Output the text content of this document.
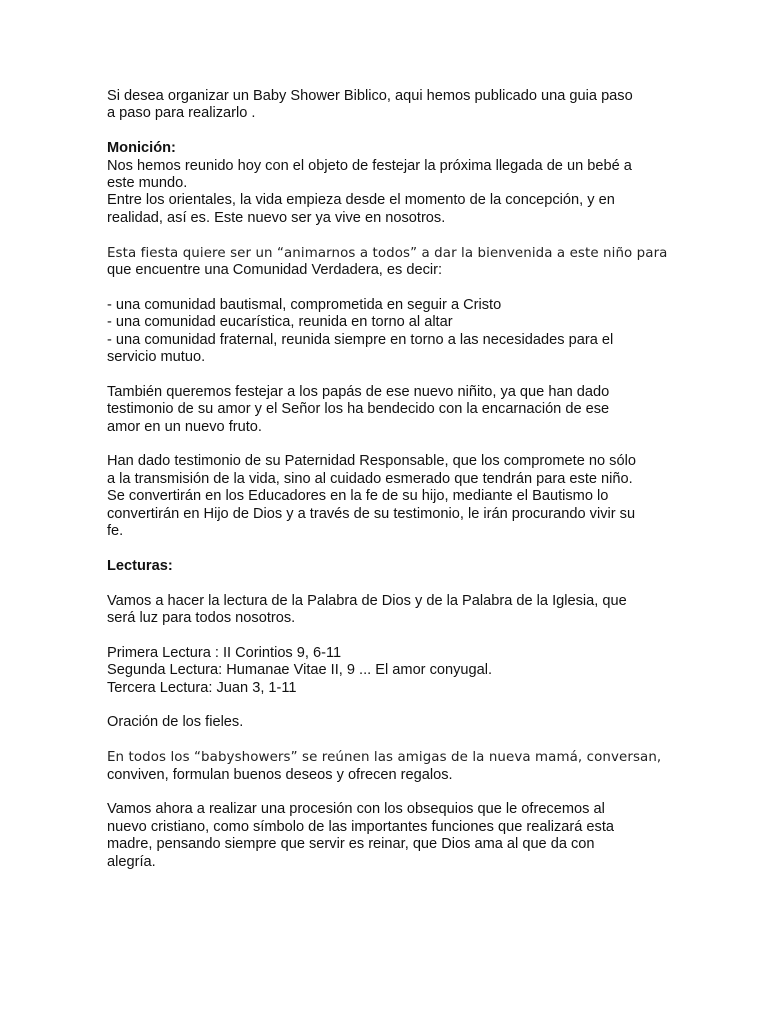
Si desea organizar un Baby Shower Biblico, aqui hemos publicado una guia paso
a paso para realizarlo .

Monición:
Nos hemos reunido hoy con el objeto de festejar la próxima llegada de un bebé a
este mundo.
Entre los orientales, la vida empieza desde el momento de la concepción, y en
realidad, así es. Este nuevo ser ya vive en nosotros.

Esta fiesta quiere ser un “animarnos a todos” a dar la bienvenida a este niño para
que encuentre una Comunidad Verdadera, es decir:

- una comunidad bautismal, comprometida en seguir a Cristo
- una comunidad eucarística, reunida en torno al altar
- una comunidad fraternal, reunida siempre en torno a las necesidades para el
servicio mutuo.

También queremos festejar a los papás de ese nuevo niñito, ya que han dado
testimonio de su amor y el Señor los ha bendecido con la encarnación de ese
amor en un nuevo fruto.

Han dado testimonio de su Paternidad Responsable, que los compromete no sólo
a la transmisión de la vida, sino al cuidado esmerado que tendrán para este niño.
Se convertirán en los Educadores en la fe de su hijo, mediante el Bautismo lo
convertirán en Hijo de Dios y a través de su testimonio, le irán procurando vivir su
fe.

Lecturas:

Vamos a hacer la lectura de la Palabra de Dios y de la Palabra de la Iglesia, que
será luz para todos nosotros.

Primera Lectura : II Corintios 9, 6-11
Segunda Lectura: Humanae Vitae II, 9 ... El amor conyugal.
Tercera Lectura: Juan 3, 1-11

Oración de los fieles.

En todos los “babyshowers” se reúnen las amigas de la nueva mamá, conversan,
conviven, formulan buenos deseos y ofrecen regalos.

Vamos ahora a realizar una procesión con los obsequios que le ofrecemos al
nuevo cristiano, como símbolo de las importantes funciones que realizará esta
madre, pensando siempre que servir es reinar, que Dios ama al que da con
alegría.
